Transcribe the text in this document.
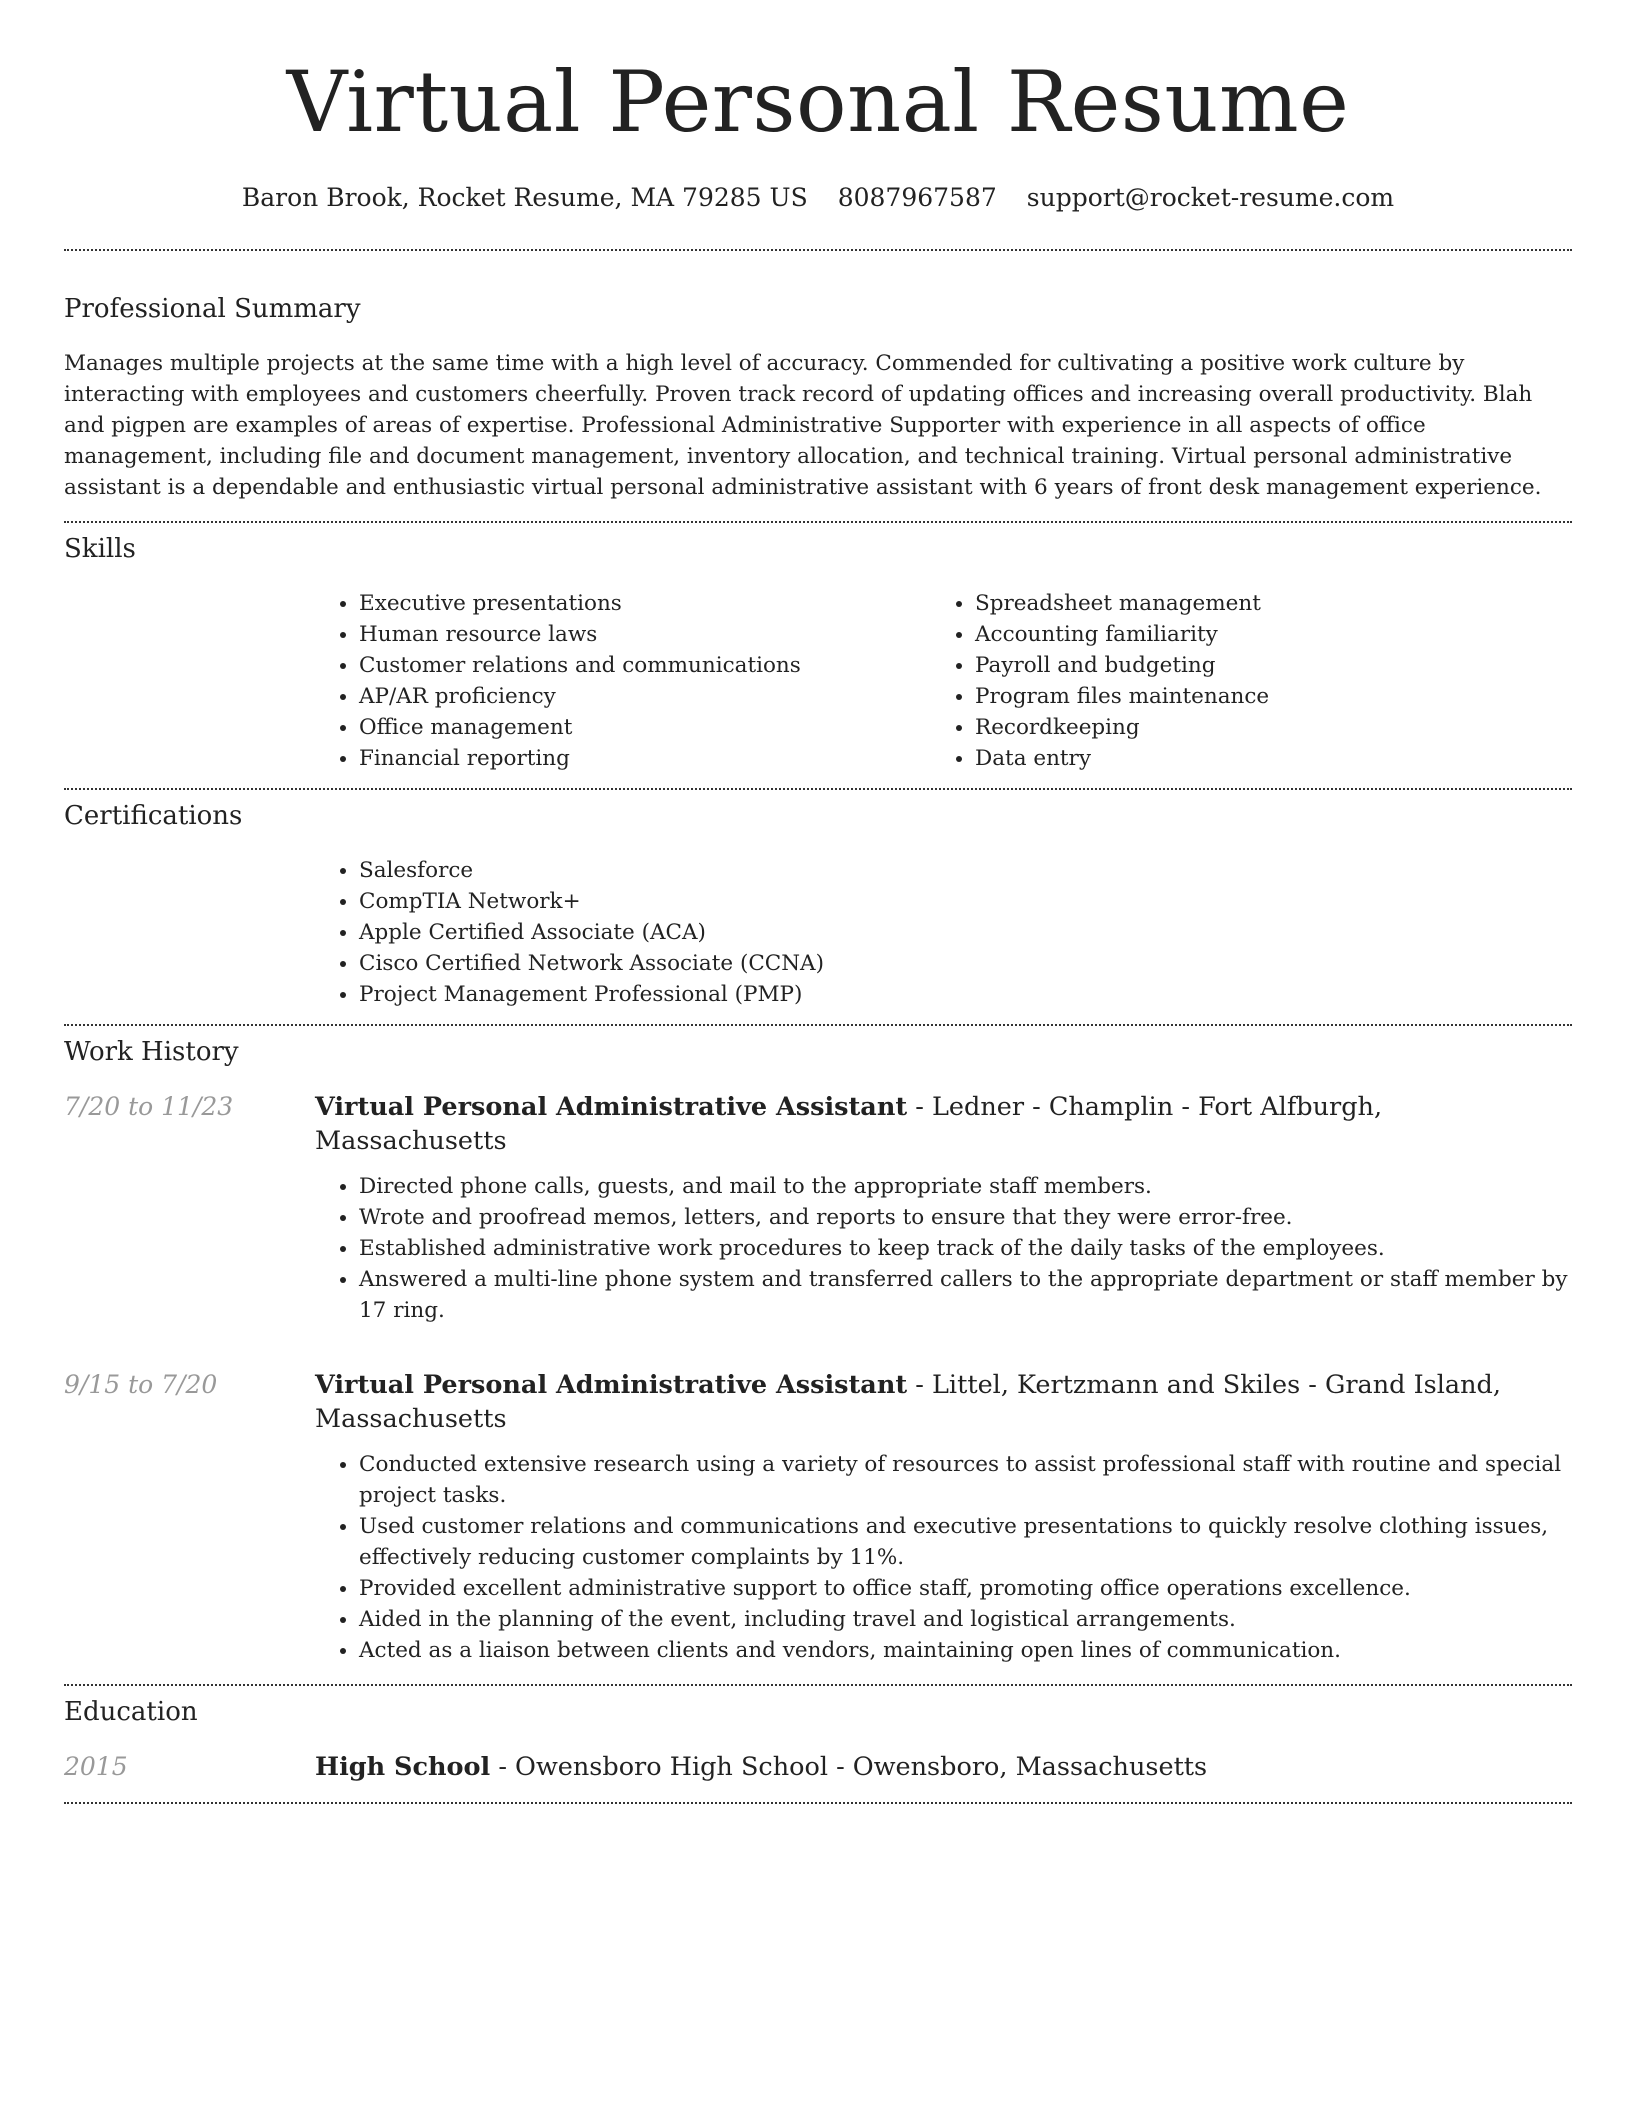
Virtual Personal Resume
Baron Brook, Rocket Resume, MA 79285 US 8087967587 support@rocket-resume.com
Professional Summary

Manages multiple projects at the same time with a high level of accuracy. Commended for cultivating a positive work culture by interacting with employees and customers cheerfully. Proven track record of updating offices and increasing overall productivity. Blah and pigpen are examples of areas of expertise. Professional Administrative Supporter with experience in all aspects of office management, including file and document management, inventory allocation, and technical training. Virtual personal administrative assistant is a dependable and enthusiastic virtual personal administrative assistant with 6 years of front desk management experience.

Skills
• Executive presentations
• Human resource laws
• Customer relations and communications
• AP/AR proficiency
• Office management
• Financial reporting
• Spreadsheet management
• Accounting familiarity
• Payroll and budgeting
• Program files maintenance
• Recordkeeping
• Data entry
Certifications
• Salesforce
• CompTIA Network+
• Apple Certified Associate (ACA)
• Cisco Certified Network Associate (CCNA)
• Project Management Professional (PMP)
Work History
7/20 to 11/23	Virtual Personal Administrative Assistant - Ledner - Champlin - Fort Alfburgh, Massachusetts
• Directed phone calls, guests, and mail to the appropriate staff members.
• Wrote and proofread memos, letters, and reports to ensure that they were error-free.
• Established administrative work procedures to keep track of the daily tasks of the employees.
• Answered a multi-line phone system and transferred callers to the appropriate department or staff member by 17 ring.
9/15 to 7/20	Virtual Personal Administrative Assistant - Littel, Kertzmann and Skiles - Grand Island, Massachusetts
• Conducted extensive research using a variety of resources to assist professional staff with routine and special project tasks.
• Used customer relations and communications and executive presentations to quickly resolve clothing issues, effectively reducing customer complaints by 11%.
• Provided excellent administrative support to office staff, promoting office operations excellence.
• Aided in the planning of the event, including travel and logistical arrangements.
• Acted as a liaison between clients and vendors, maintaining open lines of communication.
Education
2015	High School - Owensboro High School - Owensboro, Massachusetts
